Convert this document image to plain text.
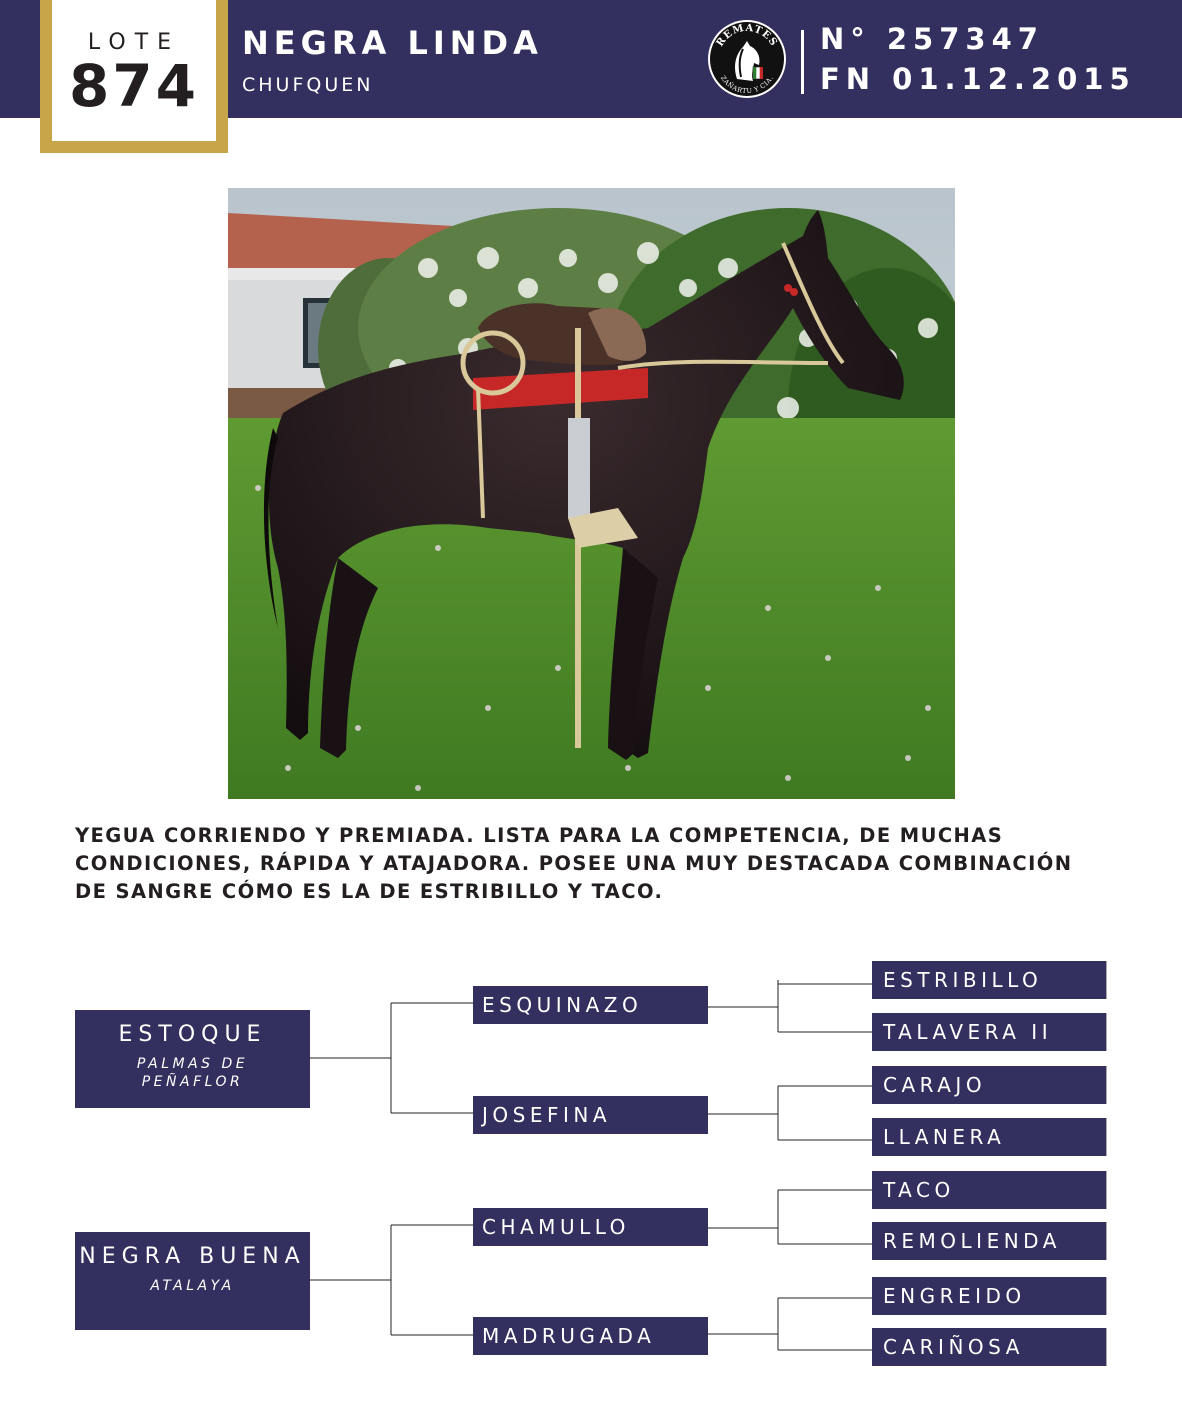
LOTE
874
NEGRA LINDA
CHUFQUEN
REMATES
ZAÑARTU Y CIA.
N° 257347
FN 01.12.2015
YEGUA CORRIENDO Y PREMIADA. LISTA PARA LA COMPETENCIA, DE MUCHAS CONDICIONES, RÁPIDA Y ATAJADORA. POSEE UNA MUY DESTACADA COMBINACIÓN DE SANGRE CÓMO ES LA DE ESTRIBILLO Y TACO.
ESTOQUE
PALMAS DE PEÑAFLOR
NEGRA BUENA
ATALAYA
ESQUINAZO
JOSEFINA
CHAMULLO
MADRUGADA
ESTRIBILLO
TALAVERA II
CARAJO
LLANERA
TACO
REMOLIENDA
ENGREIDO
CARIÑOSA
